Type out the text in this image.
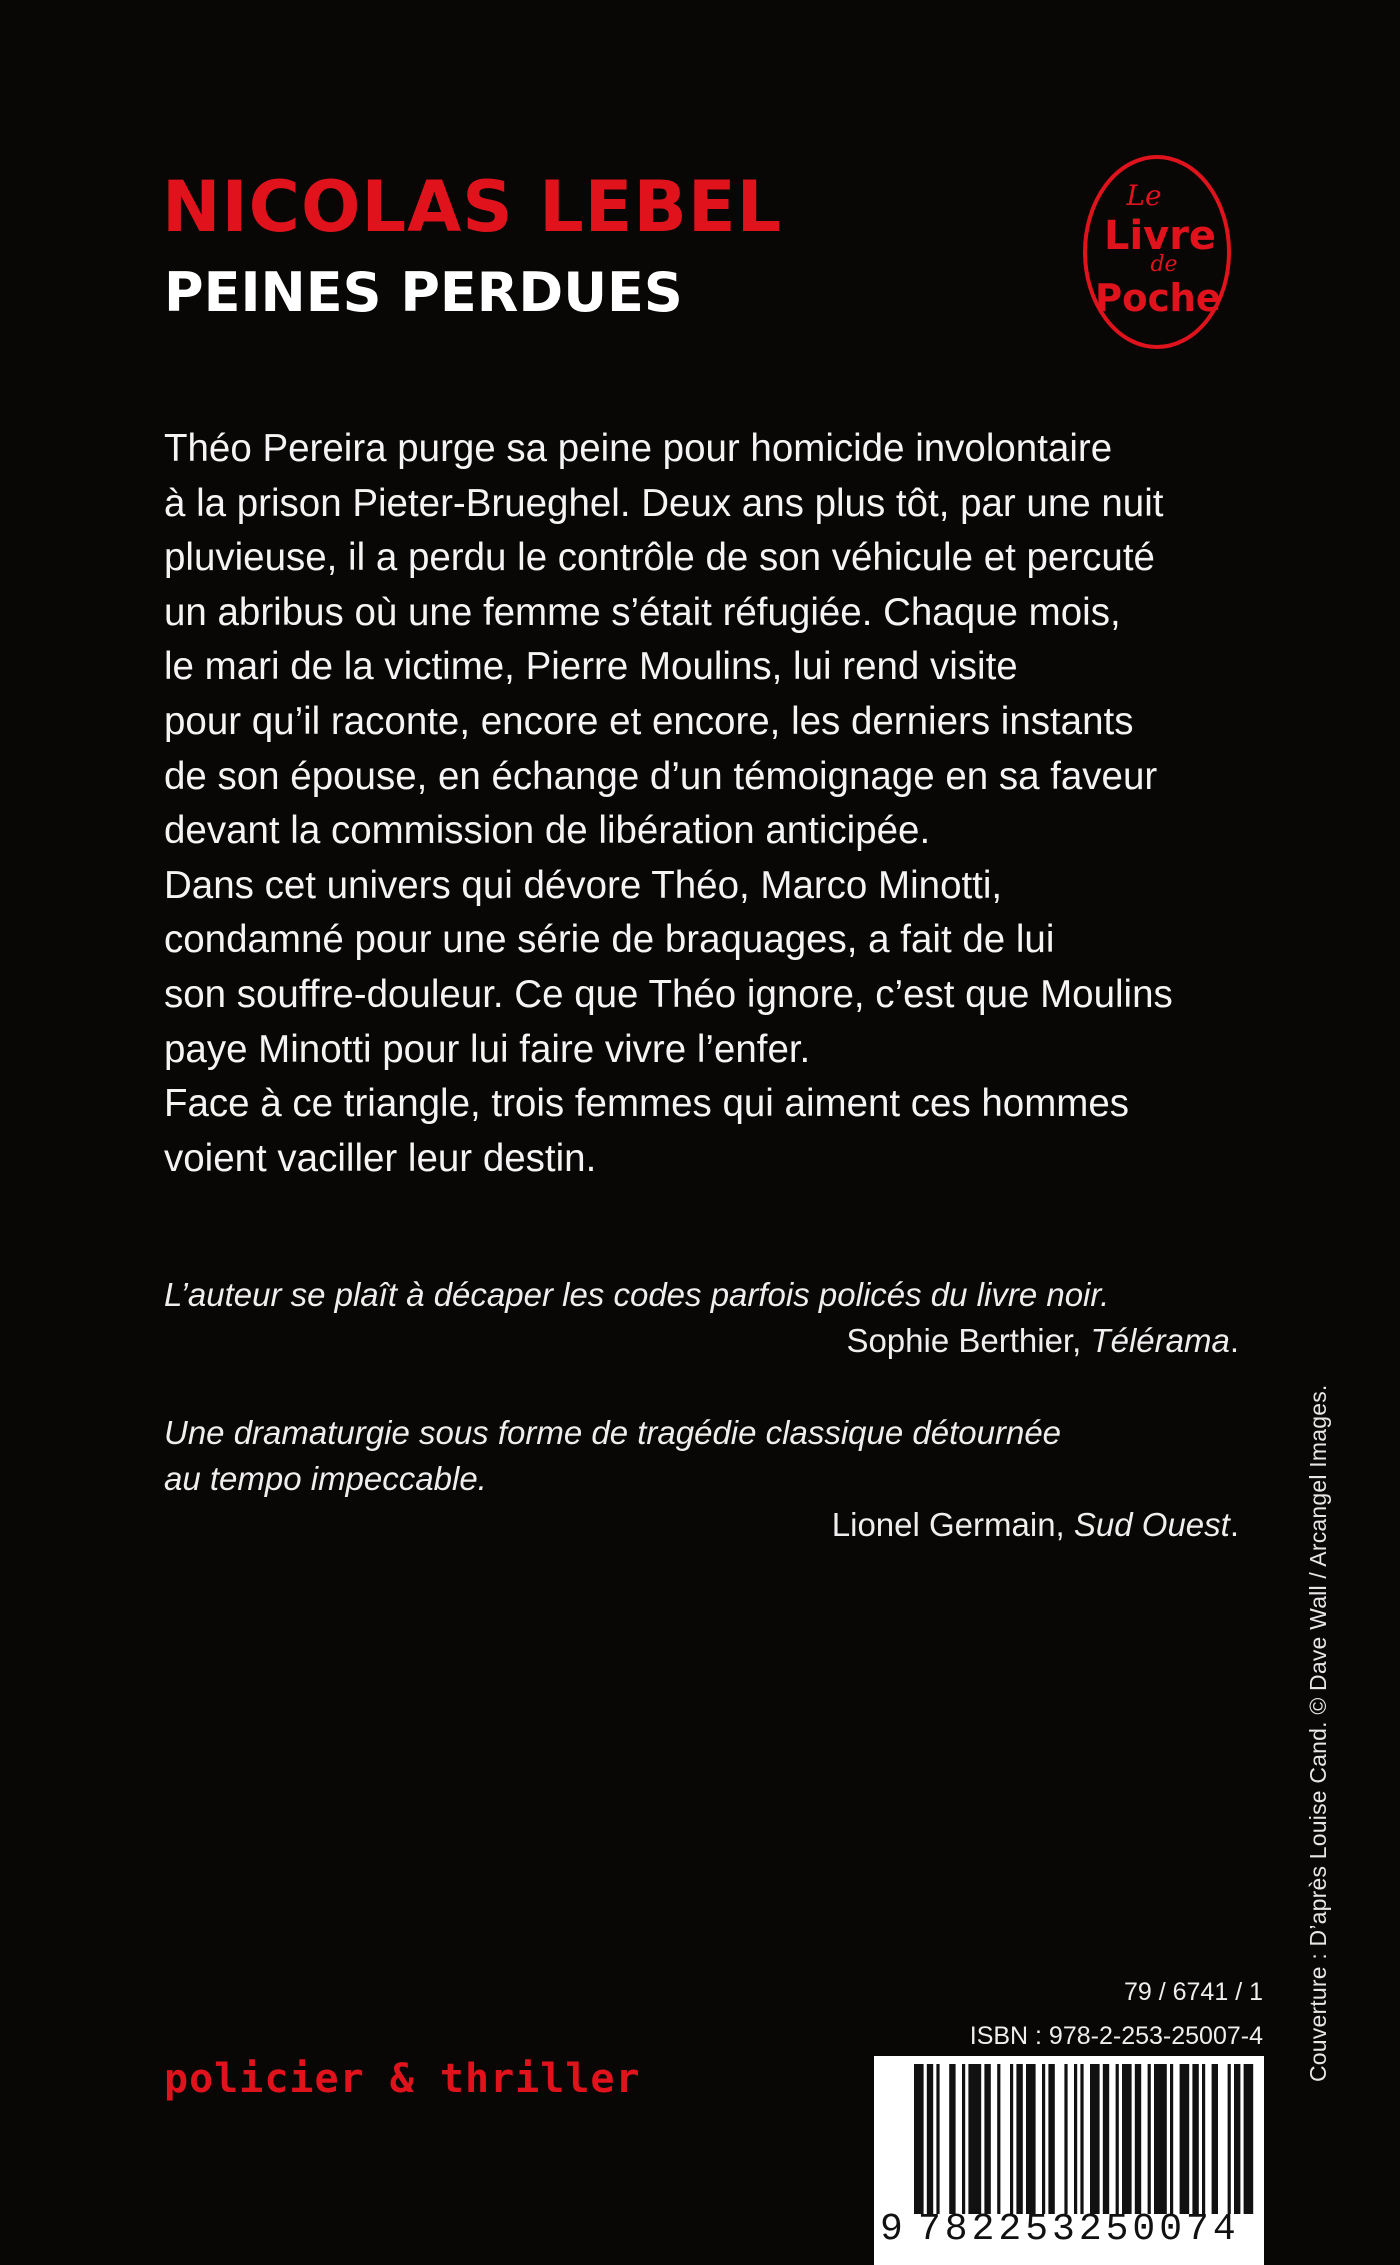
NICOLAS LEBEL
PEINES PERDUES
Le
Livre
de
Poche
Théo Pereira purge sa peine pour homicide involontaire
à la prison Pieter-Brueghel. Deux ans plus tôt, par une nuit
pluvieuse, il a perdu le contrôle de son véhicule et percuté
un abribus où une femme s’était réfugiée. Chaque mois,
le mari de la victime, Pierre Moulins, lui rend visite
pour qu’il raconte, encore et encore, les derniers instants
de son épouse, en échange d’un témoignage en sa faveur
devant la commission de libération anticipée.
Dans cet univers qui dévore Théo, Marco Minotti,
condamné pour une série de braquages, a fait de lui
son souffre-douleur. Ce que Théo ignore, c’est que Moulins
paye Minotti pour lui faire vivre l’enfer.
Face à ce triangle, trois femmes qui aiment ces hommes
voient vaciller leur destin.
L’auteur se plaît à décaper les codes parfois policés du livre noir.
Sophie Berthier, Télérama.
Une dramaturgie sous forme de tragédie classique détournée
au tempo impeccable.
Lionel Germain, Sud Ouest.	Couverture : D’après Louise Cand. © Dave Wall / Arcangel Images.
79 / 6741 / 1
ISBN : 978-2-253-25007-4
policier & thriller
9 782253250074
